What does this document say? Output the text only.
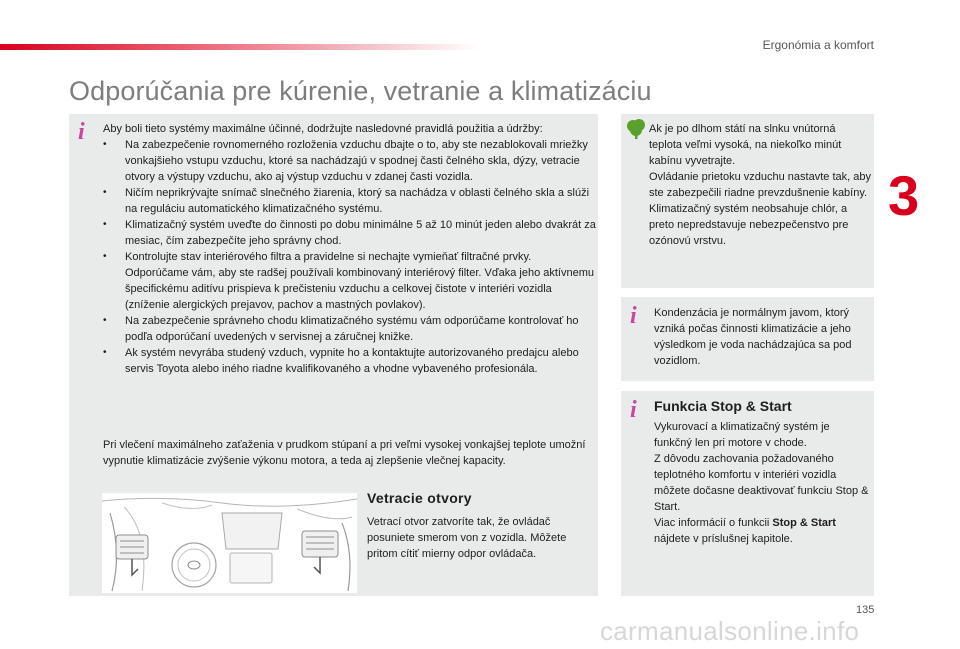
Ergonómia a komfort
3
Odporúčania pre kúrenie, vetranie a klimatizáciu
i Aby boli tieto systémy maximálne účinné, dodržujte nasledovné pravidlá použitia a údržby:

• Na zabezpečenie rovnomerného rozloženia vzduchu dbajte o to, aby ste nezablokovali mriežky vonkajšieho vstupu vzduchu, ktoré sa nachádzajú v spodnej časti čelného skla, dýzy, vetracie otvory a výstupy vzduchu, ako aj výstup vzduchu v zdanej časti vozidla.
• Ničím neprikrývajte snímač slnečného žiarenia, ktorý sa nachádza v oblasti čelného skla a slúži na reguláciu automatického klimatizačného systému.
• Klimatizačný systém uveďte do činnosti po dobu minimálne 5 až 10 minút jeden alebo dvakrát za mesiac, čím zabezpečíte jeho správny chod.
• Kontrolujte stav interiérového filtra a pravidelne si nechajte vymieňať filtračné prvky. Odporúčame vám, aby ste radšej používali kombinovaný interiérový filter. Vďaka jeho aktívnemu špecifickému aditívu prispieva k prečisteniu vzduchu a celkovej čistote v interiéri vozidla (zníženie alergických prejavov, pachov a mastných povlakov).
• Na zabezpečenie správneho chodu klimatizačného systému vám odporúčame kontrolovať ho podľa odporúčaní uvedených v servisnej a záručnej knižke.
• Ak systém nevyrába studený vzduch, vypnite ho a kontaktujte autorizovaného predajcu alebo servis Toyota alebo iného riadne kvalifikovaného a vhodne vybaveného profesionála.

Pri vlečení maximálneho zaťaženia v prudkom stúpaní a pri veľmi vysokej vonkajšej teplote umožní vypnutie klimatizácie zvýšenie výkonu motora, a teda aj zlepšenie vlečnej kapacity.

Vetracie otvory

Vetrací otvor zatvoríte tak, že ovládač posuniete smerom von z vozidla. Môžete pritom cítiť mierny odpor ovládača.

Ak je po dlhom státí na slnku vnútorná teplota veľmi vysoká, na niekoľko minút kabínu vyvetrajte.
Ovládanie prietoku vzduchu nastavte tak, aby ste zabezpečili riadne prevzdušnenie kabíny.
Klimatizačný systém neobsahuje chlór, a preto nepredstavuje nebezpečenstvo pre ozónovú vrstvu.

i Kondenzácia je normálnym javom, ktorý vzniká počas činnosti klimatizácie a jeho výsledkom je voda nachádzajúca sa pod vozidlom.

i Funkcia Stop & Start

Vykurovací a klimatizačný systém je funkčný len pri motore v chode.
Z dôvodu zachovania požadovaného teplotného komfortu v interiéri vozidla môžete dočasne deaktivovať funkciu Stop & Start.
Viac informácií o funkcii Stop & Start nájdete v príslušnej kapitole.

135
carmanualsonline.info
